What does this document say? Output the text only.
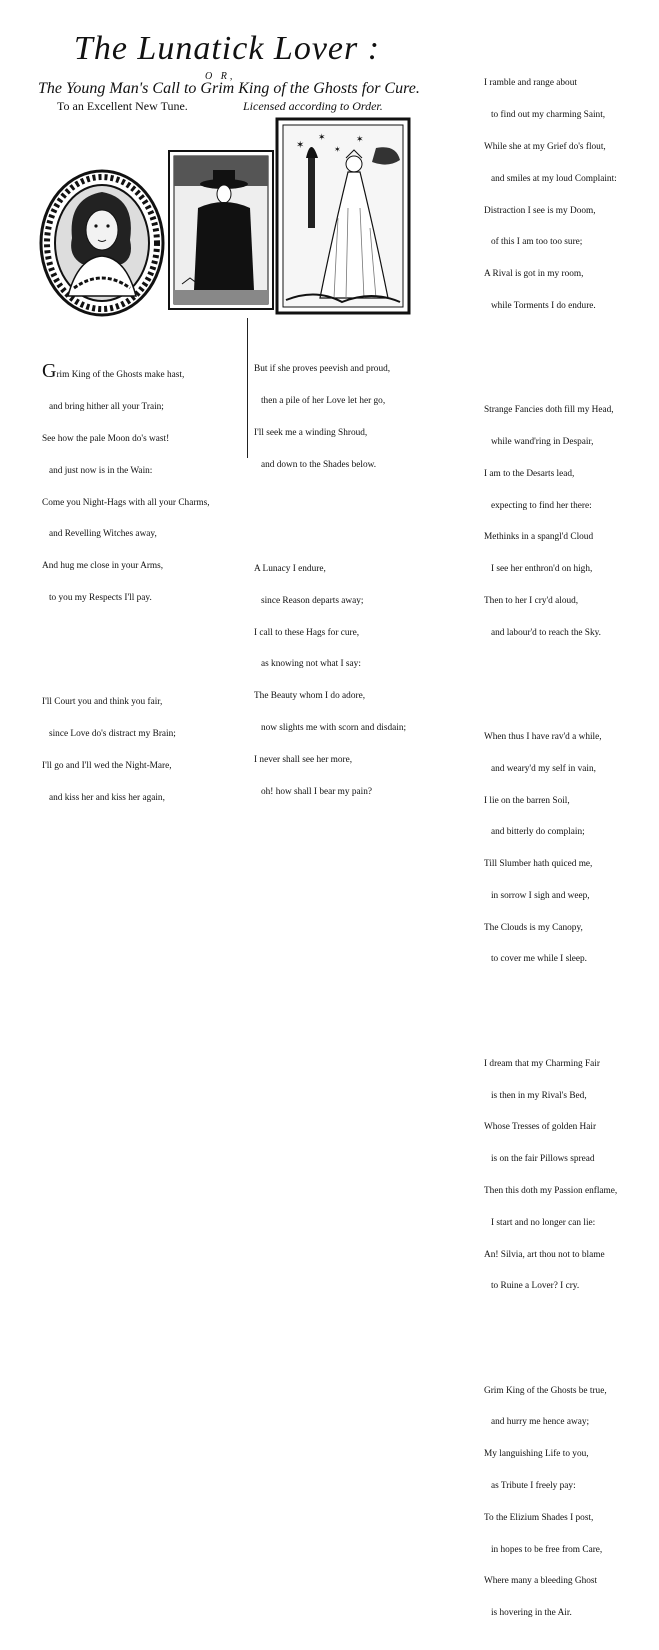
The Lunatick Lover :
O R,
The Young Man's Call to Grim King of the Ghosts for Cure.
To an Excellent New Tune.	Licensed according to Order.
✶
✶
✶
✶

Grim King of the Ghosts make hast,

and bring hither all your Train;

See how the pale Moon do's wast!

and just now is in the Wain:

Come you Night-Hags with all your Charms,

and Revelling Witches away,

And hug me close in your Arms,

to you my Respects I'll pay.

I'll Court you and think you fair,

since Love do's distract my Brain;

I'll go and I'll wed the Night-Mare,

and kiss her and kiss her again,

But if she proves peevish and proud,

then a pile of her Love let her go,

I'll seek me a winding Shroud,

and down to the Shades below.

A Lunacy I endure,

since Reason departs away;

I call to these Hags for cure,

as knowing not what I say:

The Beauty whom I do adore,

now slights me with scorn and disdain;

I never shall see her more,

oh! how shall I bear my pain?

I ramble and range about

to find out my charming Saint,

While she at my Grief do's flout,

and smiles at my loud Complaint:

Distraction I see is my Doom,

of this I am too too sure;

A Rival is got in my room,

while Torments I do endure.

Strange Fancies doth fill my Head,

while wand'ring in Despair,

I am to the Desarts lead,

expecting to find her there:

Methinks in a spangl'd Cloud

I see her enthron'd on high,

Then to her I cry'd aloud,

and labour'd to reach the Sky.

When thus I have rav'd a while,

and weary'd my self in vain,

I lie on the barren Soil,

and bitterly do complain;

Till Slumber hath quiced me,

in sorrow I sigh and weep,

The Clouds is my Canopy,

to cover me while I sleep.

I dream that my Charming Fair

is then in my Rival's Bed,

Whose Tresses of golden Hair

is on the fair Pillows spread

Then this doth my Passion enflame,

I start and no longer can lie:

An! Silvia, art thou not to blame

to Ruine a Lover? I cry.

Grim King of the Ghosts be true,

and hurry me hence away;

My languishing Life to you,

as Tribute I freely pay:

To the Elizium Shades I post,

in hopes to be free from Care,

Where many a bleeding Ghost

is hovering in the Air.
